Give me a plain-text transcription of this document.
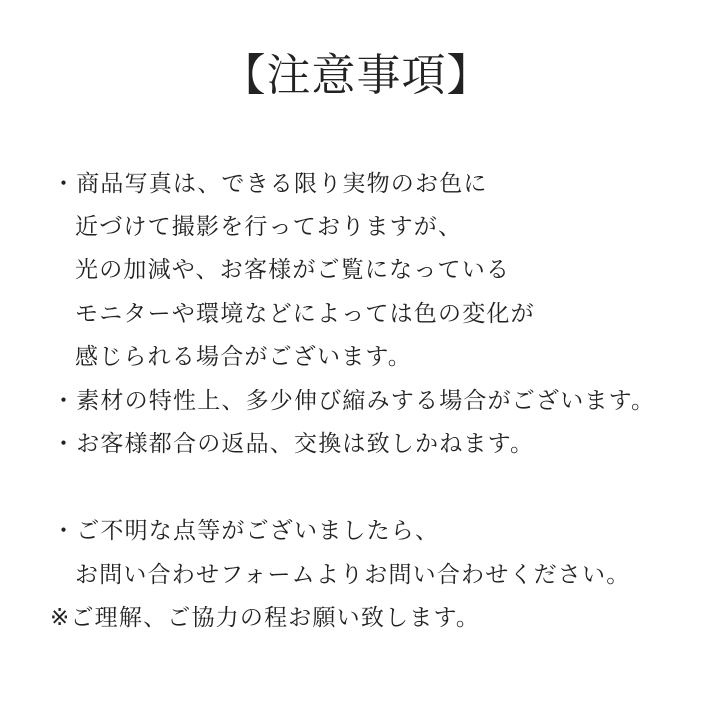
【注意事項】
・商品写真は、できる限り実物のお色に
近づけて撮影を行っておりますが、
光の加減や、お客様がご覧になっている
モニターや環境などによっては色の変化が
感じられる場合がございます。
・素材の特性上、多少伸び縮みする場合がございます。
・お客様都合の返品、交換は致しかねます。
・ご不明な点等がございましたら、
お問い合わせフォームよりお問い合わせください。
※ご理解、ご協力の程お願い致します。
